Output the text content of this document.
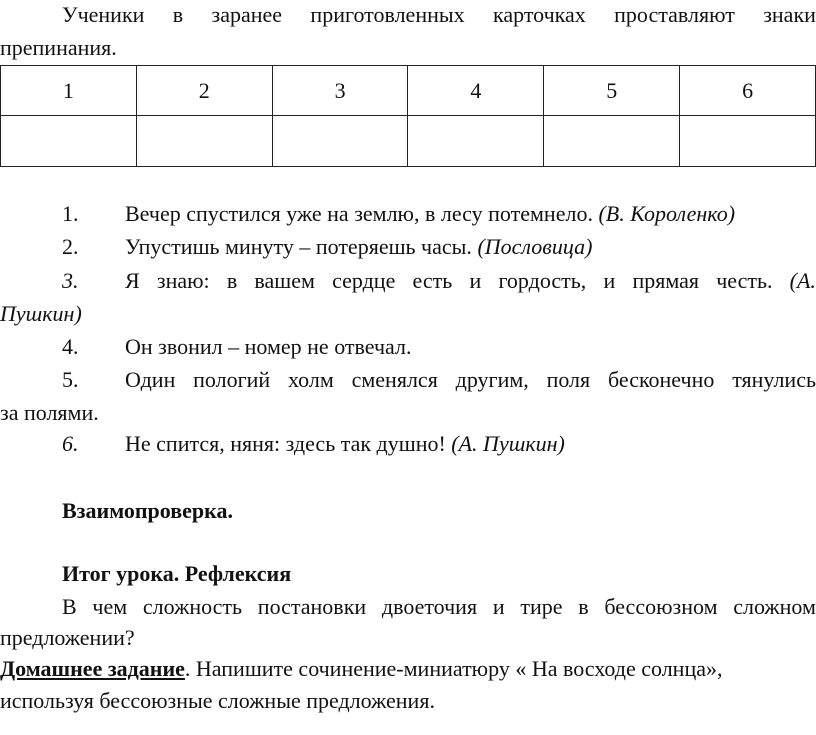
Ученики в заранее приготовленных карточках проставляют знаки
препинания.
1	2	3	4	5	6

1. Вечер спустился уже на землю, в лесу потемнело. (В. Короленко)
2. Упустишь минуту – потеряешь часы. (Пословица)
3. Я знаю: в вашем сердце есть и гордость, и прямая честь. (А.
Пушкин)
4. Он звонил – номер не отвечал.
5. Один пологий холм сменялся другим, поля бесконечно тянулись
за полями.
6. Не спится, няня: здесь так душно! (А. Пушкин)
Взаимопроверка.
Итог урока. Рефлексия
В чем сложность постановки двоеточия и тире в бессоюзном сложном
предложении?
Домашнее задание. Напишите сочинение-миниатюру « На восходе солнца»,
используя бессоюзные сложные предложения.
